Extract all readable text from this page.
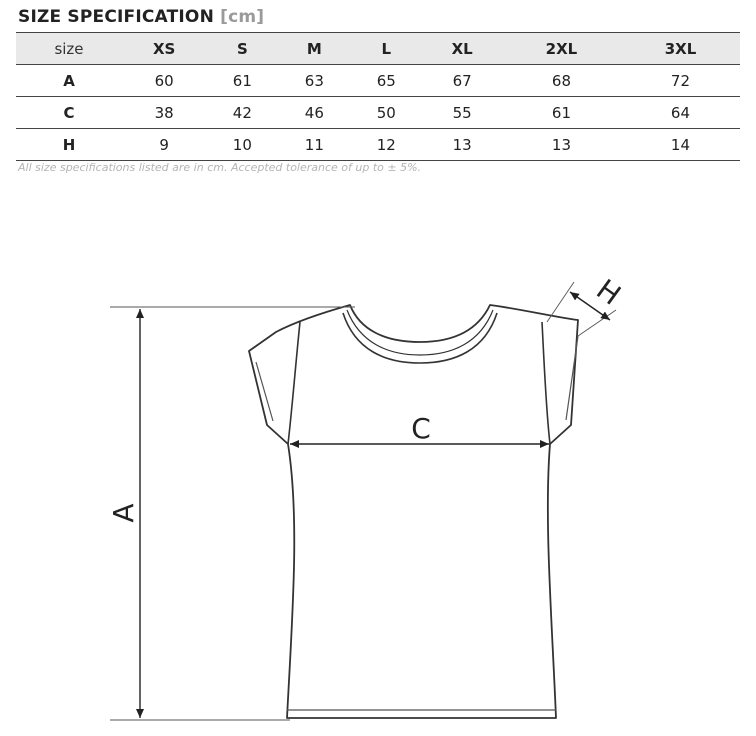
SIZE SPECIFICATION [cm]
size	XS	S	M	L	XL	2XL	3XL
A	60	61	63	65	67	68	72
C	38	42	46	50	55	61	64
H	9	10	11	12	13	13	14
All size specifications listed are in cm. Accepted tolerance of up to ± 5%.
A
C
H
